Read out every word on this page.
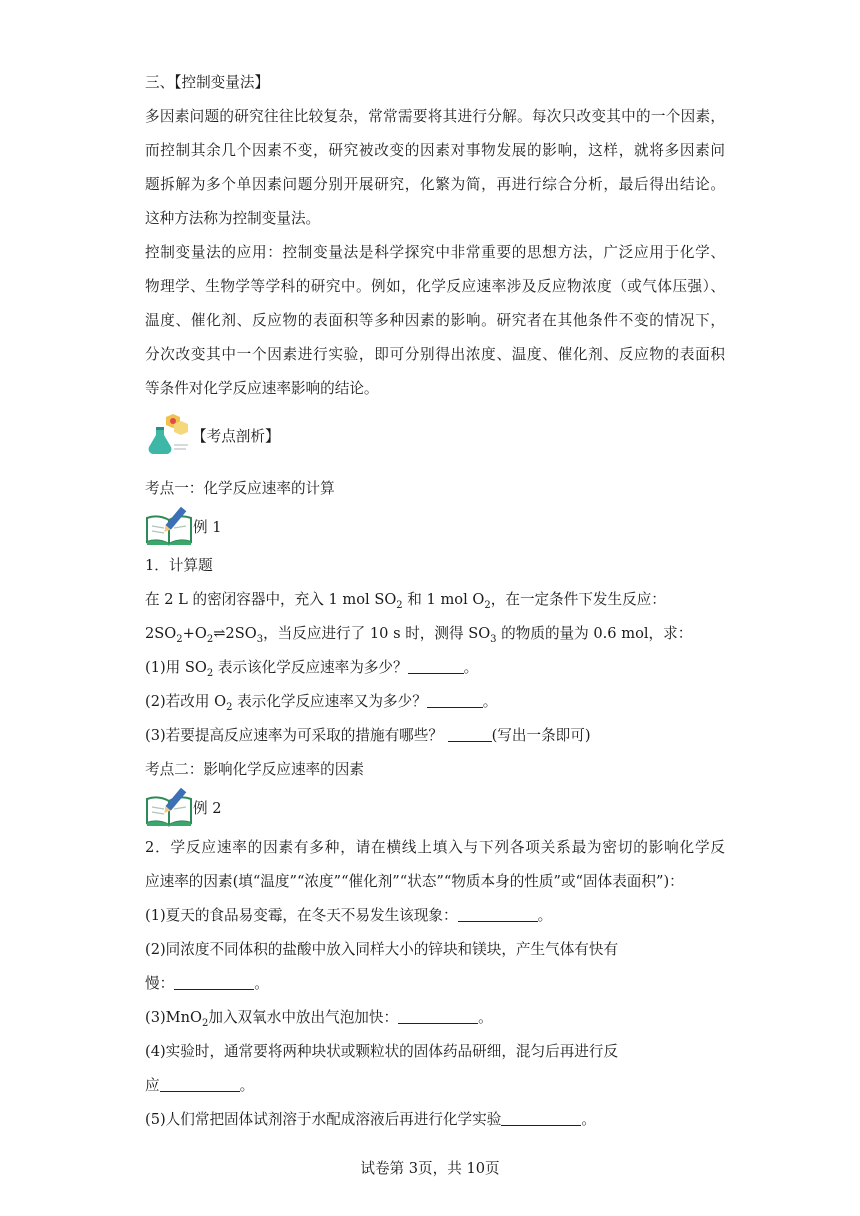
三、【控制变量法】
多因素问题的研究往往比较复杂，常常需要将其进行分解。每次只改变其中的一个因素，
而控制其余几个因素不变，研究被改变的因素对事物发展的影响，这样，就将多因素问
题拆解为多个单因素问题分别开展研究，化繁为简，再进行综合分析，最后得出结论。
这种方法称为控制变量法。
控制变量法的应用：控制变量法是科学探究中非常重要的思想方法，广泛应用于化学、
物理学、生物学等学科的研究中。例如，化学反应速率涉及反应物浓度（或气体压强）、
温度、催化剂、反应物的表面积等多种因素的影响。研究者在其他条件不变的情况下，
分次改变其中一个因素进行实验，即可分别得出浓度、温度、催化剂、反应物的表面积
等条件对化学反应速率影响的结论。
【考点剖析】
考点一：化学反应速率的计算
例 1
1．计算题
在 2 L 的密闭容器中，充入 1 mol $SO_2$ 和 1 mol $O_2$，在一定条件下发生反应：
$2SO_2+O_2\rightleftharpoons 2SO_3$，当反应进行了 10 s 时，测得 $SO_3$ 的物质的量为 0.6 mol，求：
(1)用 $SO_2$ 表示该化学反应速率为多少？	。
(2)若改用 $O_2$ 表示化学反应速率又为多少？	。
(3)若要提高反应速率为可采取的措施有哪些？	(写出一条即可)
考点二：影响化学反应速率的因素
例 2
2．学反应速率的因素有多种，请在横线上填入与下列各项关系最为密切的影响化学反
应速率的因素(填“温度”“浓度”“催化剂”“状态”“物质本身的性质”或“固体表面积”)：
(1)夏天的食品易变霉，在冬天不易发生该现象：	。
(2)同浓度不同体积的盐酸中放入同样大小的锌块和镁块，产生气体有快有
慢：	。
(3)MnO$_2$加入双氧水中放出气泡加快：	。
(4)实验时，通常要将两种块状或颗粒状的固体药品研细，混匀后再进行反
应	。
(5)人们常把固体试剂溶于水配成溶液后再进行化学实验	。
试卷第 3页，共 10页
